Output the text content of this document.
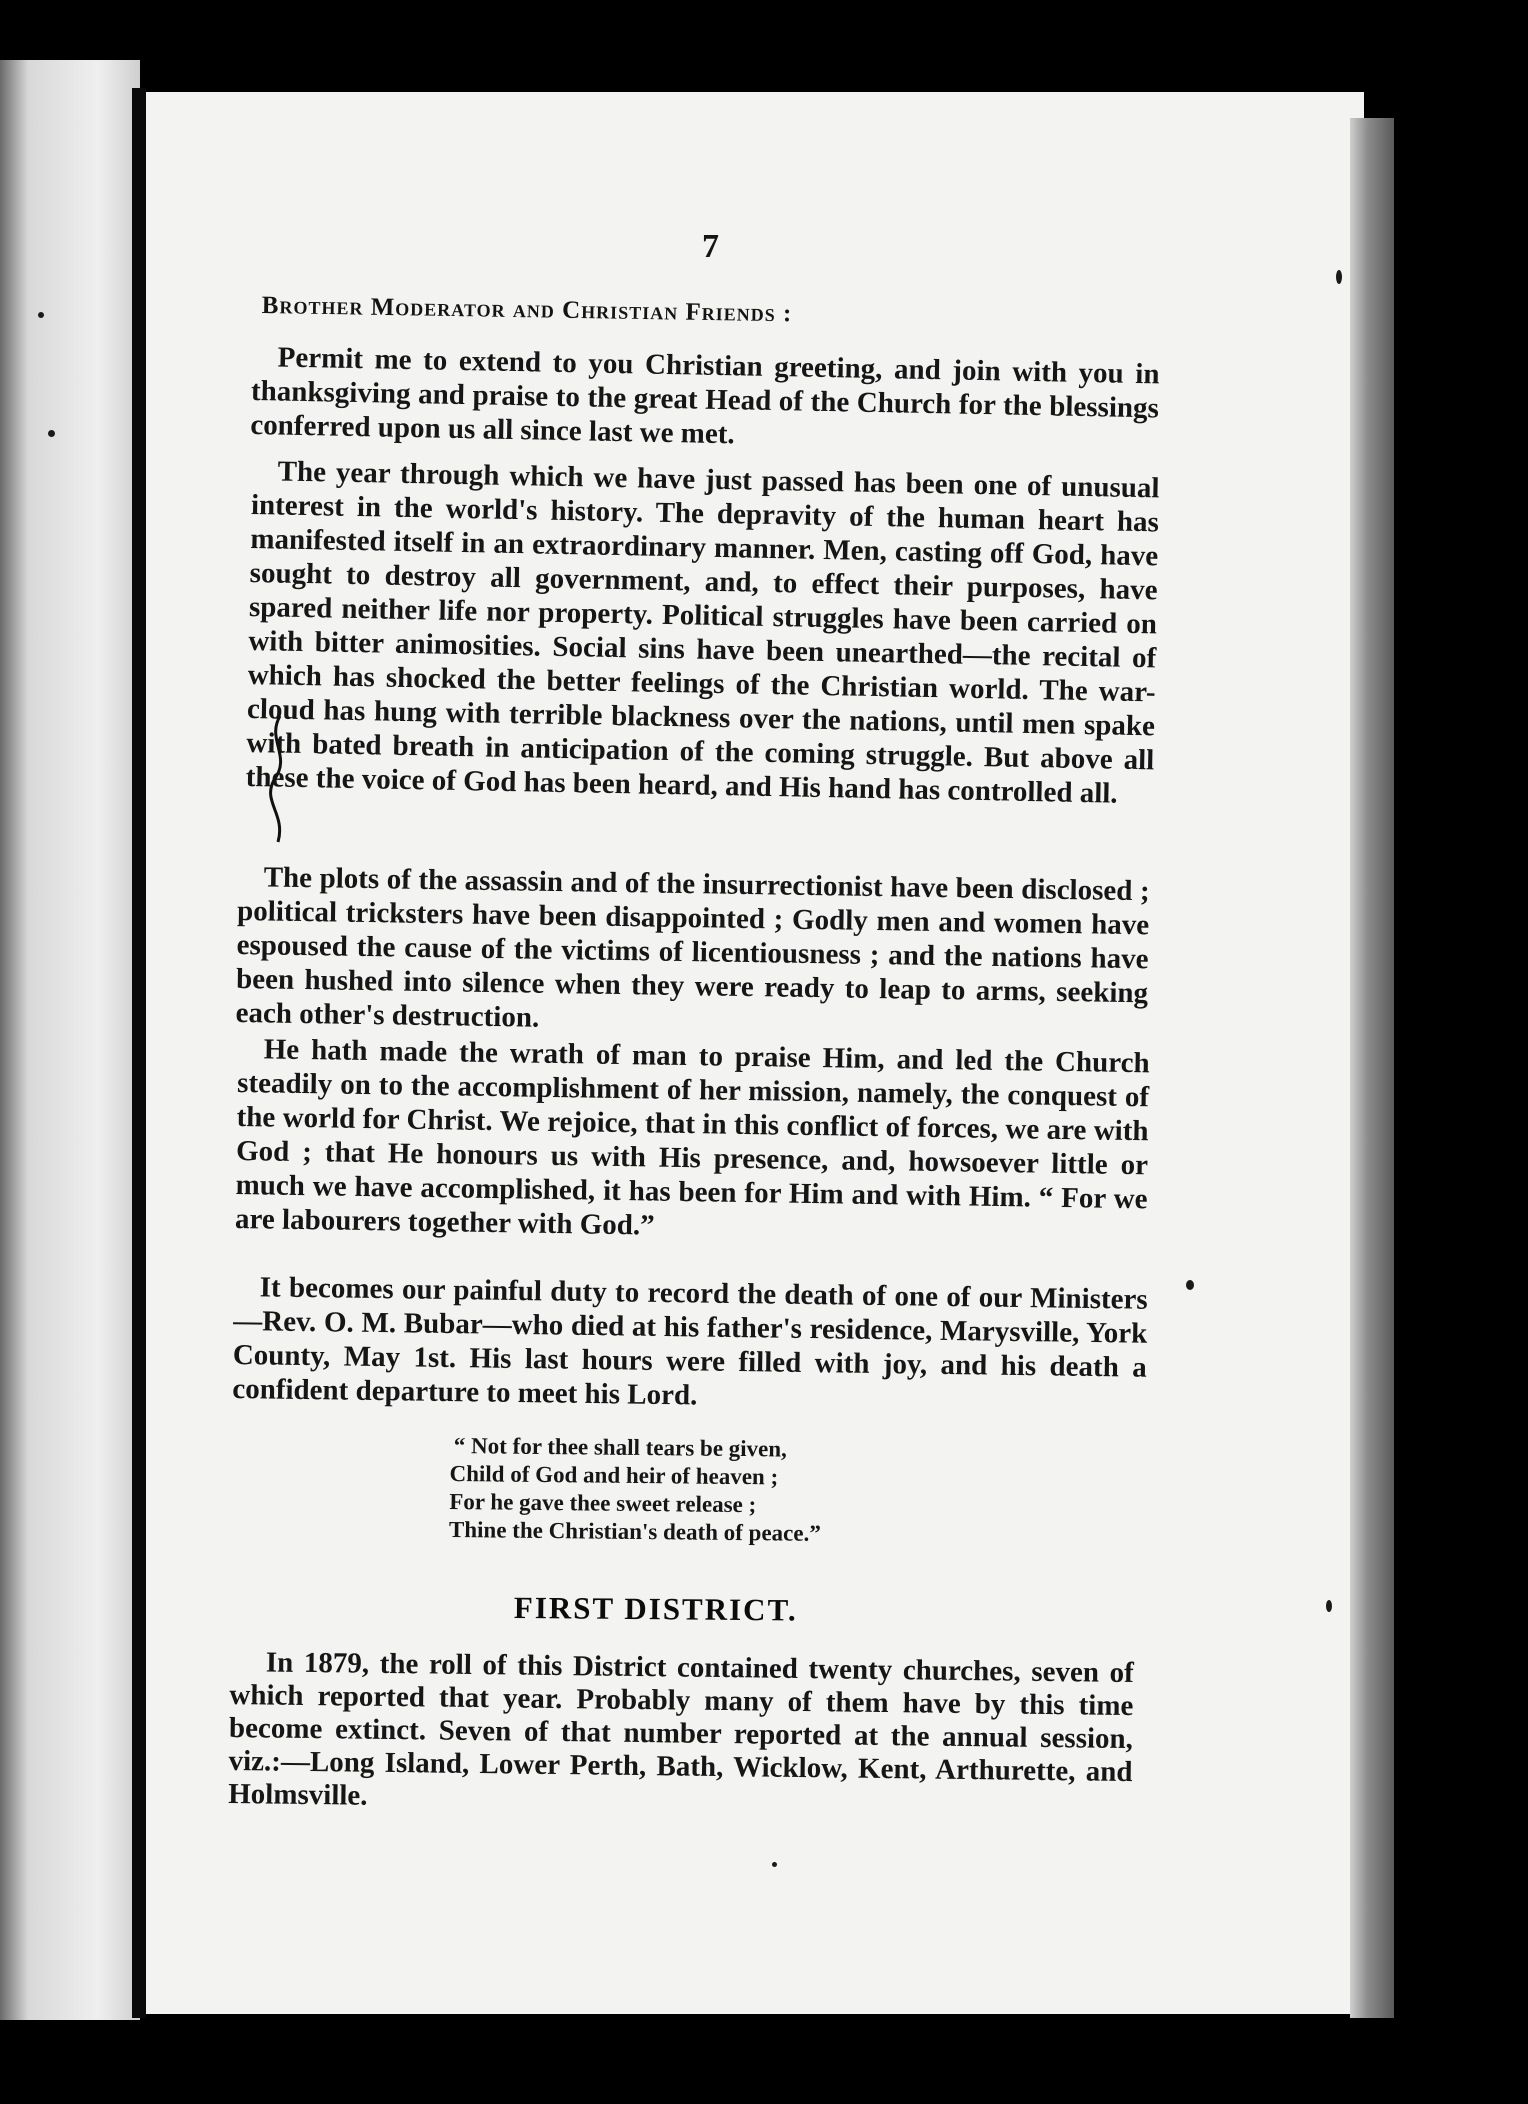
7
Brother Moderator and Christian Friends :

Permit me to extend to you Christian greeting, and join with you in thanksgiving and praise to the great Head of the Church for the blessings conferred upon us all since last we met.

The year through which we have just passed has been one of unusual interest in the world's history. The depravity of the human heart has manifested itself in an extraordinary manner. Men, casting off God, have sought to destroy all government, and, to effect their purposes, have spared neither life nor property. Political struggles have been carried on with bitter animosities. Social sins have been unearthed—the recital of which has shocked the better feelings of the Christian world. The war-cloud has hung with terrible blackness over the nations, until men spake with bated breath in anticipation of the coming struggle. But above all these the voice of God has been heard, and His hand has controlled all.

The plots of the assassin and of the insurrectionist have been disclosed ; political tricksters have been disappointed ; Godly men and women have espoused the cause of the victims of licentiousness ; and the nations have been hushed into silence when they were ready to leap to arms, seeking each other's destruction.

He hath made the wrath of man to praise Him, and led the Church steadily on to the accomplishment of her mission, namely, the conquest of the world for Christ. We rejoice, that in this conflict of forces, we are with God ; that He honours us with His presence, and, howsoever little or much we have accomplished, it has been for Him and with Him. “ For we are labourers together with God.”

It becomes our painful duty to record the death of one of our Ministers—Rev. O. M. Bubar—who died at his father's residence, Marysville, York County, May 1st. His last hours were filled with joy, and his death a confident departure to meet his Lord.

“ Not for thee shall tears be given,
Child of God and heir of heaven ;
For he gave thee sweet release ;
Thine the Christian's death of peace.”
FIRST DISTRICT.

In 1879, the roll of this District contained twenty churches, seven of which reported that year. Probably many of them have by this time become extinct. Seven of that number reported at the annual session, viz.:—Long Island, Lower Perth, Bath, Wicklow, Kent, Arthurette, and Holmsville.
